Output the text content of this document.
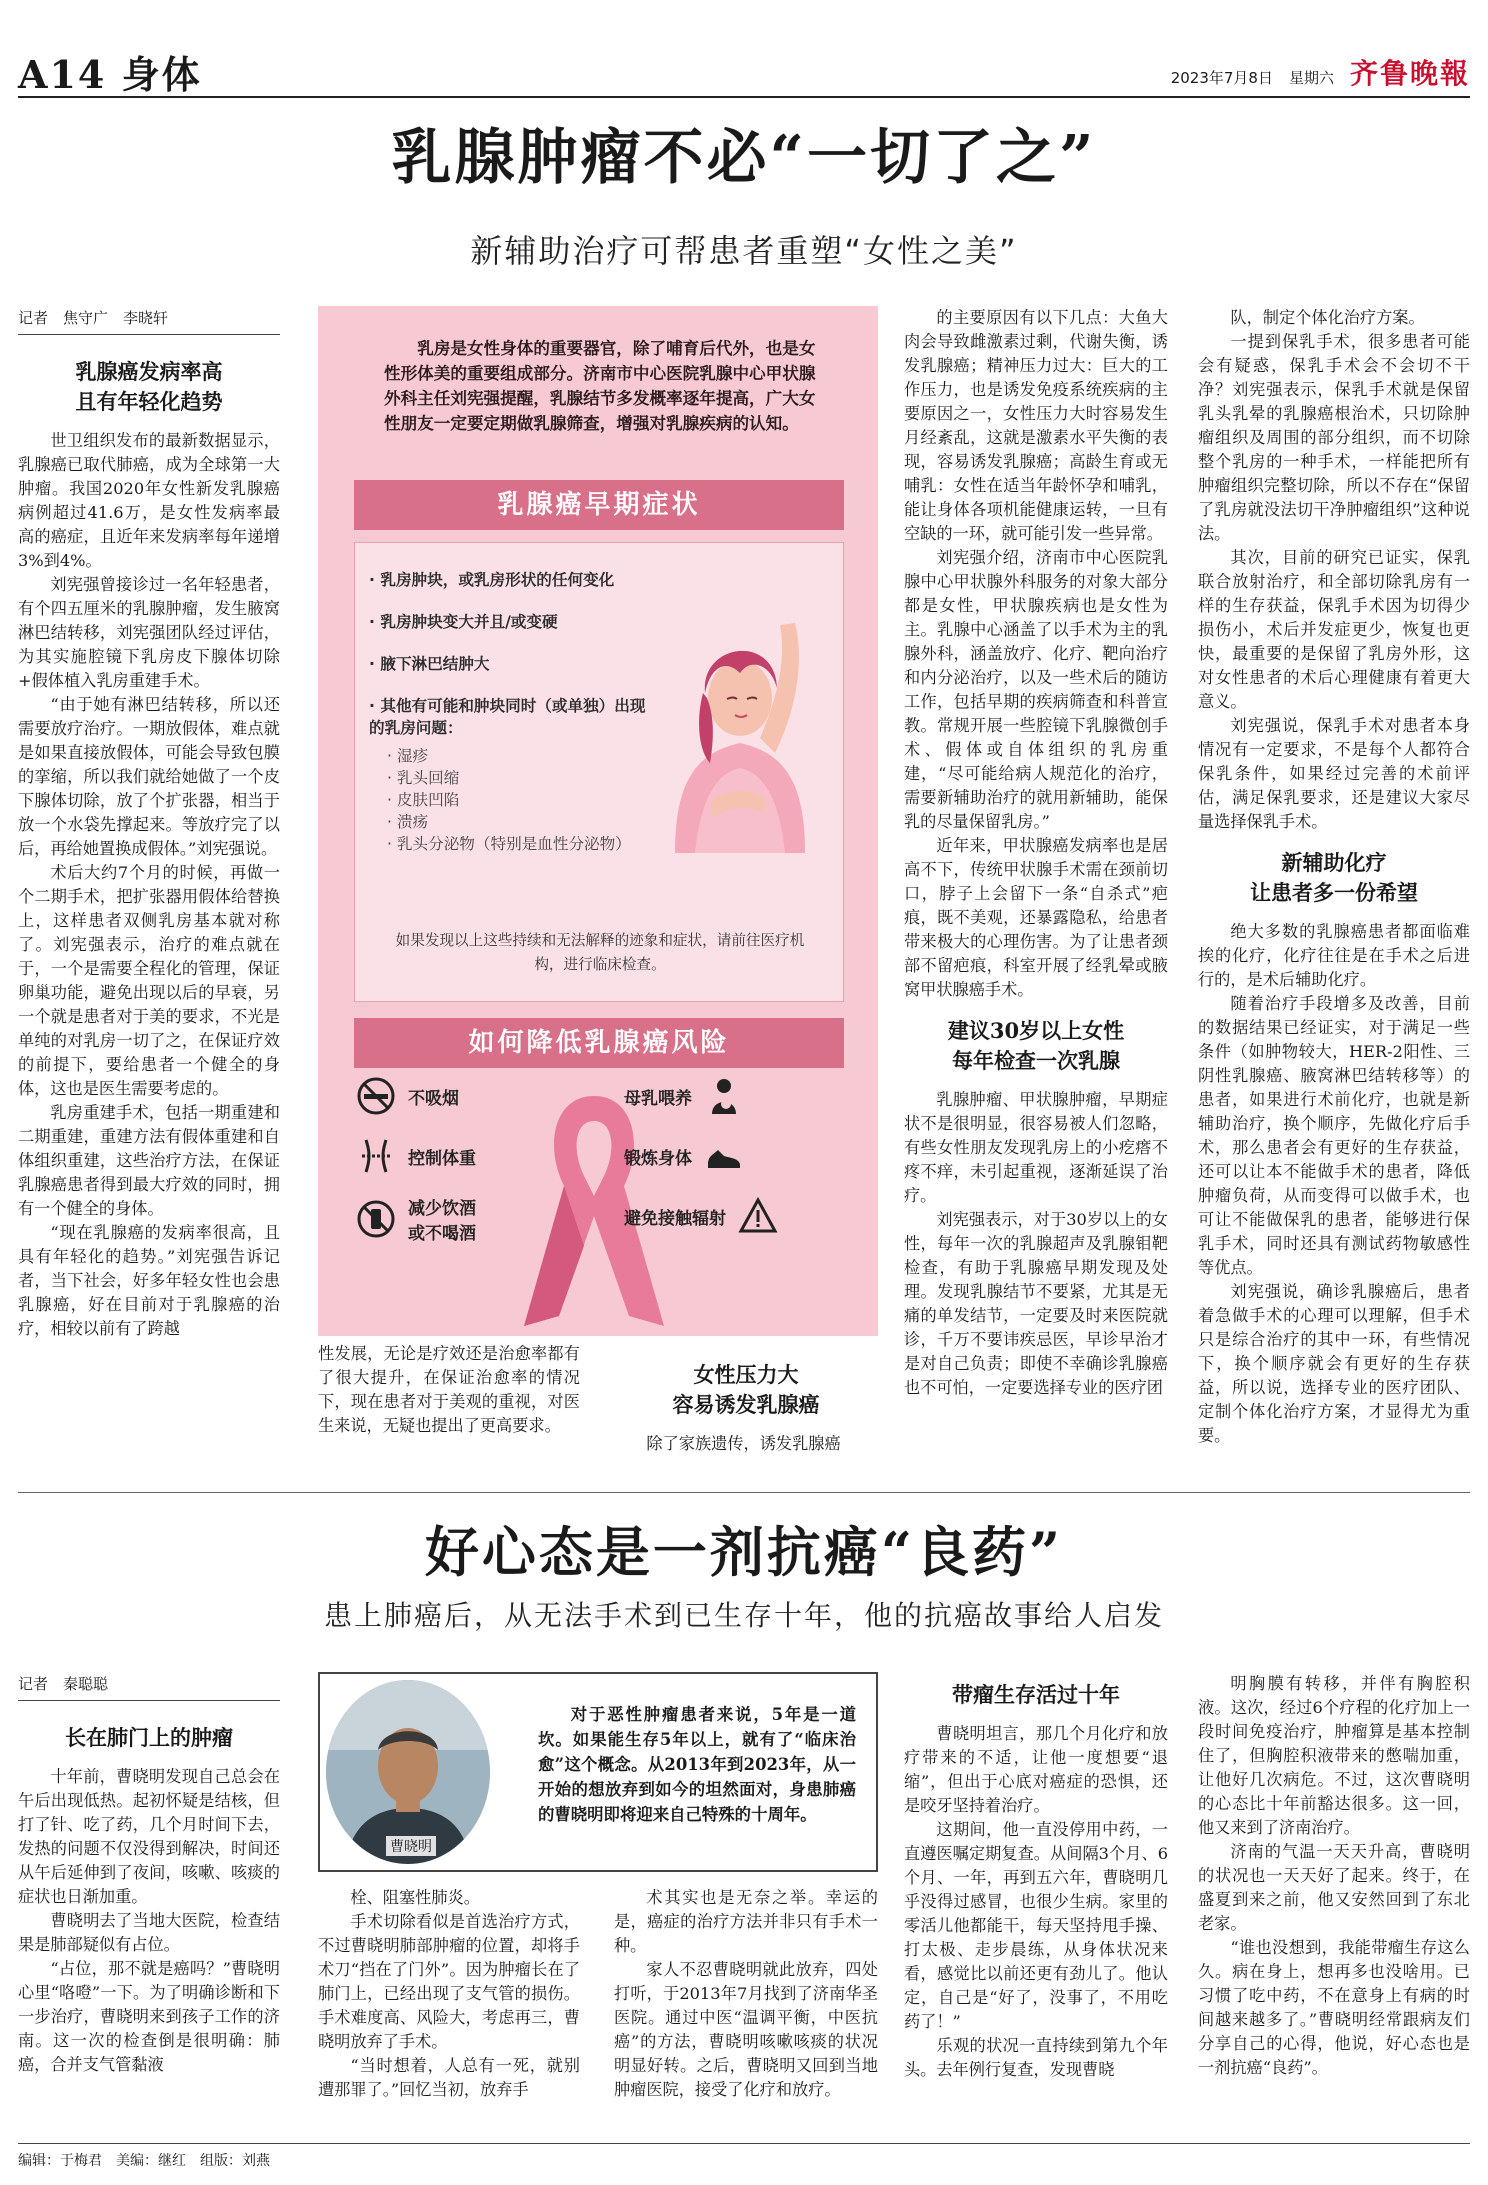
A14 身体	2023年7月8日 星期六 齐鲁晚報
乳腺肿瘤不必“一切了之”
新辅助治疗可帮患者重塑“女性之美”
记者　焦守广　李晓轩
乳腺癌发病率高
且有年轻化趋势

世卫组织发布的最新数据显示，乳腺癌已取代肺癌，成为全球第一大肿瘤。我国2020年女性新发乳腺癌病例超过41.6万，是女性发病率最高的癌症，且近年来发病率每年递增3%到4%。

刘宪强曾接诊过一名年轻患者，有个四五厘米的乳腺肿瘤，发生腋窝淋巴结转移，刘宪强团队经过评估，为其实施腔镜下乳房皮下腺体切除+假体植入乳房重建手术。

“由于她有淋巴结转移，所以还需要放疗治疗。一期放假体，难点就是如果直接放假体，可能会导致包膜的挛缩，所以我们就给她做了一个皮下腺体切除，放了个扩张器，相当于放一个水袋先撑起来。等放疗完了以后，再给她置换成假体。”刘宪强说。

术后大约7个月的时候，再做一个二期手术，把扩张器用假体给替换上，这样患者双侧乳房基本就对称了。刘宪强表示，治疗的难点就在于，一个是需要全程化的管理，保证卵巢功能，避免出现以后的早衰，另一个就是患者对于美的要求，不光是单纯的对乳房一切了之，在保证疗效的前提下，要给患者一个健全的身体，这也是医生需要考虑的。

乳房重建手术，包括一期重建和二期重建，重建方法有假体重建和自体组织重建，这些治疗方法，在保证乳腺癌患者得到最大疗效的同时，拥有一个健全的身体。

“现在乳腺癌的发病率很高，且具有年轻化的趋势。”刘宪强告诉记者，当下社会，好多年轻女性也会患乳腺癌，好在目前对于乳腺癌的治疗，相较以前有了跨越

乳房是女性身体的重要器官，除了哺育后代外，也是女性形体美的重要组成部分。济南市中心医院乳腺中心甲状腺外科主任刘宪强提醒，乳腺结节多发概率逐年提高，广大女性朋友一定要定期做乳腺筛查，增强对乳腺疾病的认知。
乳腺癌早期症状
· 乳房肿块，或乳房形状的任何变化
· 乳房肿块变大并且/或变硬
· 腋下淋巴结肿大
· 其他有可能和肿块同时（或单独）出现的乳房问题：
· 湿疹
· 乳头回缩
· 皮肤凹陷
· 溃疡
· 乳头分泌物（特别是血性分泌物）
如果发现以上这些持续和无法解释的迹象和症状，请前往医疗机构，进行临床检查。
如何降低乳腺癌风险
不吸烟
控制体重
减少饮酒
或不喝酒
母乳喂养
锻炼身体
避免接触辐射

性发展，无论是疗效还是治愈率都有了很大提升，在保证治愈率的情况下，现在患者对于美观的重视，对医生来说，无疑也提出了更高要求。

女性压力大
容易诱发乳腺癌

除了家族遗传，诱发乳腺癌

的主要原因有以下几点：大鱼大肉会导致雌激素过剩，代谢失衡，诱发乳腺癌；精神压力过大：巨大的工作压力，也是诱发免疫系统疾病的主要原因之一，女性压力大时容易发生月经紊乱，这就是激素水平失衡的表现，容易诱发乳腺癌；高龄生育或无哺乳：女性在适当年龄怀孕和哺乳，能让身体各项机能健康运转，一旦有空缺的一环，就可能引发一些异常。

刘宪强介绍，济南市中心医院乳腺中心甲状腺外科服务的对象大部分都是女性，甲状腺疾病也是女性为主。乳腺中心涵盖了以手术为主的乳腺外科，涵盖放疗、化疗、靶向治疗和内分泌治疗，以及一些术后的随访工作，包括早期的疾病筛查和科普宣教。常规开展一些腔镜下乳腺微创手术、假体或自体组织的乳房重建，“尽可能给病人规范化的治疗，需要新辅助治疗的就用新辅助，能保乳的尽量保留乳房。”

近年来，甲状腺癌发病率也是居高不下，传统甲状腺手术需在颈前切口，脖子上会留下一条“自杀式”疤痕，既不美观，还暴露隐私，给患者带来极大的心理伤害。为了让患者颈部不留疤痕，科室开展了经乳晕或腋窝甲状腺癌手术。

建议30岁以上女性
每年检查一次乳腺

乳腺肿瘤、甲状腺肿瘤，早期症状不是很明显，很容易被人们忽略，有些女性朋友发现乳房上的小疙瘩不疼不痒，未引起重视，逐渐延误了治疗。

刘宪强表示，对于30岁以上的女性，每年一次的乳腺超声及乳腺钼靶检查，有助于乳腺癌早期发现及处理。发现乳腺结节不要紧，尤其是无痛的单发结节，一定要及时来医院就诊，千万不要讳疾忌医，早诊早治才是对自己负责；即使不幸确诊乳腺癌也不可怕，一定要选择专业的医疗团

队，制定个体化治疗方案。

一提到保乳手术，很多患者可能会有疑惑，保乳手术会不会切不干净？刘宪强表示，保乳手术就是保留乳头乳晕的乳腺癌根治术，只切除肿瘤组织及周围的部分组织，而不切除整个乳房的一种手术，一样能把所有肿瘤组织完整切除，所以不存在“保留了乳房就没法切干净肿瘤组织”这种说法。

其次，目前的研究已证实，保乳联合放射治疗，和全部切除乳房有一样的生存获益，保乳手术因为切得少损伤小，术后并发症更少，恢复也更快，最重要的是保留了乳房外形，这对女性患者的术后心理健康有着更大意义。

刘宪强说，保乳手术对患者本身情况有一定要求，不是每个人都符合保乳条件，如果经过完善的术前评估，满足保乳要求，还是建议大家尽量选择保乳手术。

新辅助化疗
让患者多一份希望

绝大多数的乳腺癌患者都面临难挨的化疗，化疗往往是在手术之后进行的，是术后辅助化疗。

随着治疗手段增多及改善，目前的数据结果已经证实，对于满足一些条件（如肿物较大，HER-2阳性、三阴性乳腺癌、腋窝淋巴结转移等）的患者，如果进行术前化疗，也就是新辅助治疗，换个顺序，先做化疗后手术，那么患者会有更好的生存获益，还可以让本不能做手术的患者，降低肿瘤负荷，从而变得可以做手术，也可让不能做保乳的患者，能够进行保乳手术，同时还具有测试药物敏感性等优点。

刘宪强说，确诊乳腺癌后，患者着急做手术的心理可以理解，但手术只是综合治疗的其中一环，有些情况下，换个顺序就会有更好的生存获益，所以说，选择专业的医疗团队、定制个体化治疗方案，才显得尤为重要。

好心态是一剂抗癌“良药”
患上肺癌后，从无法手术到已生存十年，他的抗癌故事给人启发
记者　秦聪聪
长在肺门上的肿瘤

十年前，曹晓明发现自己总会在午后出现低热。起初怀疑是结核，但打了针、吃了药，几个月时间下去，发热的问题不仅没得到解决，时间还从午后延伸到了夜间，咳嗽、咳痰的症状也日渐加重。

曹晓明去了当地大医院，检查结果是肺部疑似有占位。

“占位，那不就是癌吗？”曹晓明心里“咯噔”一下。为了明确诊断和下一步治疗，曹晓明来到孩子工作的济南。这一次的检查倒是很明确：肺癌，合并支气管黏液

曹晓明
对于恶性肿瘤患者来说，5年是一道坎。如果能生存5年以上，就有了“临床治愈”这个概念。从2013年到2023年，从一开始的想放弃到如今的坦然面对，身患肺癌的曹晓明即将迎来自己特殊的十周年。

栓、阻塞性肺炎。

手术切除看似是首选治疗方式，不过曹晓明肺部肿瘤的位置，却将手术刀“挡在了门外”。因为肿瘤长在了肺门上，已经出现了支气管的损伤。手术难度高、风险大，考虑再三，曹晓明放弃了手术。

“当时想着，人总有一死，就别遭那罪了。”回忆当初，放弃手

术其实也是无奈之举。幸运的是，癌症的治疗方法并非只有手术一种。

家人不忍曹晓明就此放弃，四处打听，于2013年7月找到了济南华圣医院。通过中医“温调平衡，中医抗癌”的方法，曹晓明咳嗽咳痰的状况明显好转。之后，曹晓明又回到当地肿瘤医院，接受了化疗和放疗。

带瘤生存活过十年

曹晓明坦言，那几个月化疗和放疗带来的不适，让他一度想要“退缩”，但出于心底对癌症的恐惧，还是咬牙坚持着治疗。

这期间，他一直没停用中药，一直遵医嘱定期复查。从间隔3个月、6个月、一年，再到五六年，曹晓明几乎没得过感冒，也很少生病。家里的零活儿他都能干，每天坚持甩手操、打太极、走步晨练，从身体状况来看，感觉比以前还更有劲儿了。他认定，自己是“好了，没事了，不用吃药了！”

乐观的状况一直持续到第九个年头。去年例行复查，发现曹晓

明胸膜有转移，并伴有胸腔积液。这次，经过6个疗程的化疗加上一段时间免疫治疗，肿瘤算是基本控制住了，但胸腔积液带来的憋喘加重，让他好几次病危。不过，这次曹晓明的心态比十年前豁达很多。这一回，他又来到了济南治疗。

济南的气温一天天升高，曹晓明的状况也一天天好了起来。终于，在盛夏到来之前，他又安然回到了东北老家。

“谁也没想到，我能带瘤生存这么久。病在身上，想再多也没啥用。已习惯了吃中药，不在意身上有病的时间越来越多了。”曹晓明经常跟病友们分享自己的心得，他说，好心态也是一剂抗癌“良药”。

编辑：于梅君 美编：继红 组版：刘燕
